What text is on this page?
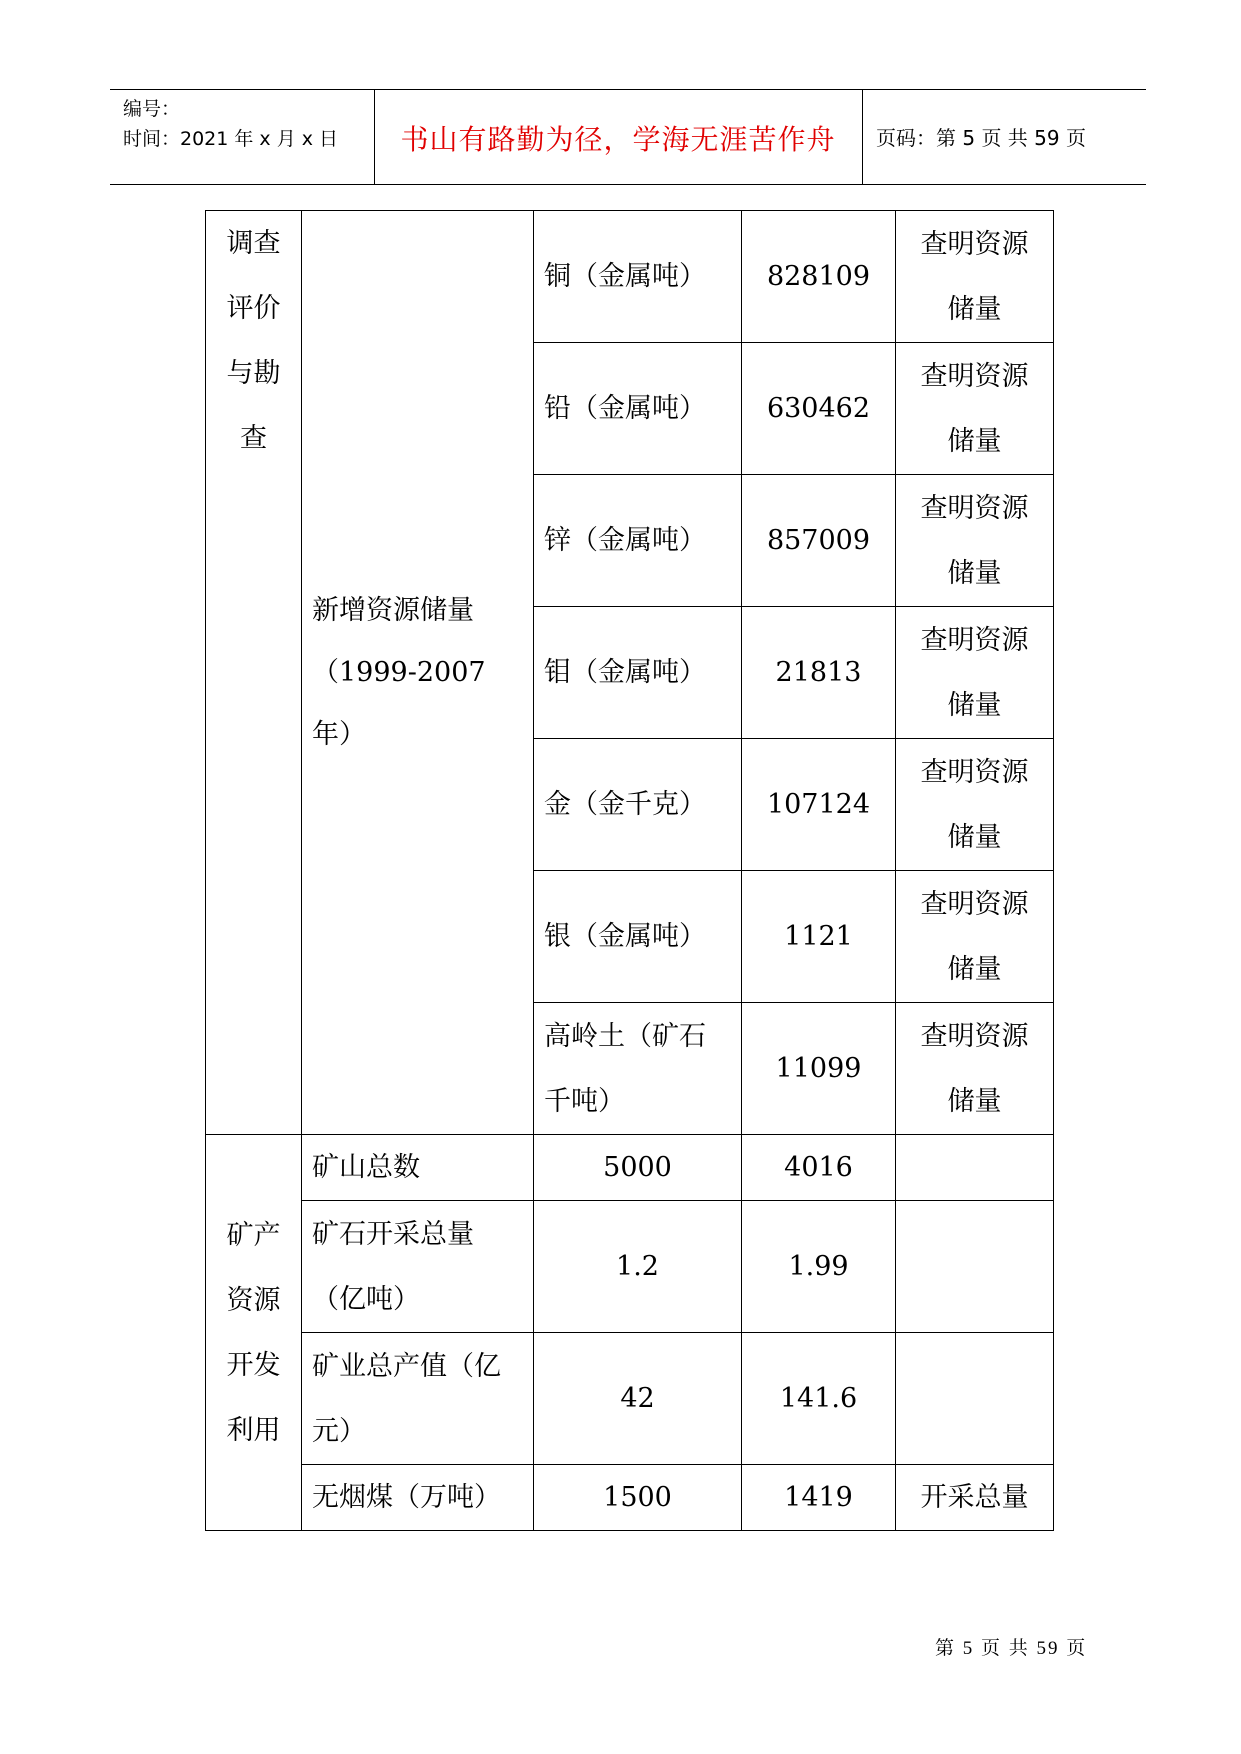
编号：
时间：2021 年 x 月 x 日	书山有路勤为径，学海无涯苦作舟	页码：第 5 页 共 59 页
调查评价与勘查	新增资源储量（1999-2007年）	铜（金属吨）	828109	查明资源储量

		铅（金属吨）	630462	查明资源储量

		锌（金属吨）	857009	查明资源储量

		钼（金属吨）	21813	查明资源储量

		金（金千克）	107124	查明资源储量

		银（金属吨）	1121	查明资源储量

		高岭土（矿石千吨）	11099	查明资源储量

矿产资源开发利用	矿山总数	5000	4016	
	矿石开采总量（亿吨）	1.2	1.99	
	矿业总产值（亿元）	42	141.6	
	无烟煤（万吨）	1500	1419	开采总量
第 5 页 共 59 页
